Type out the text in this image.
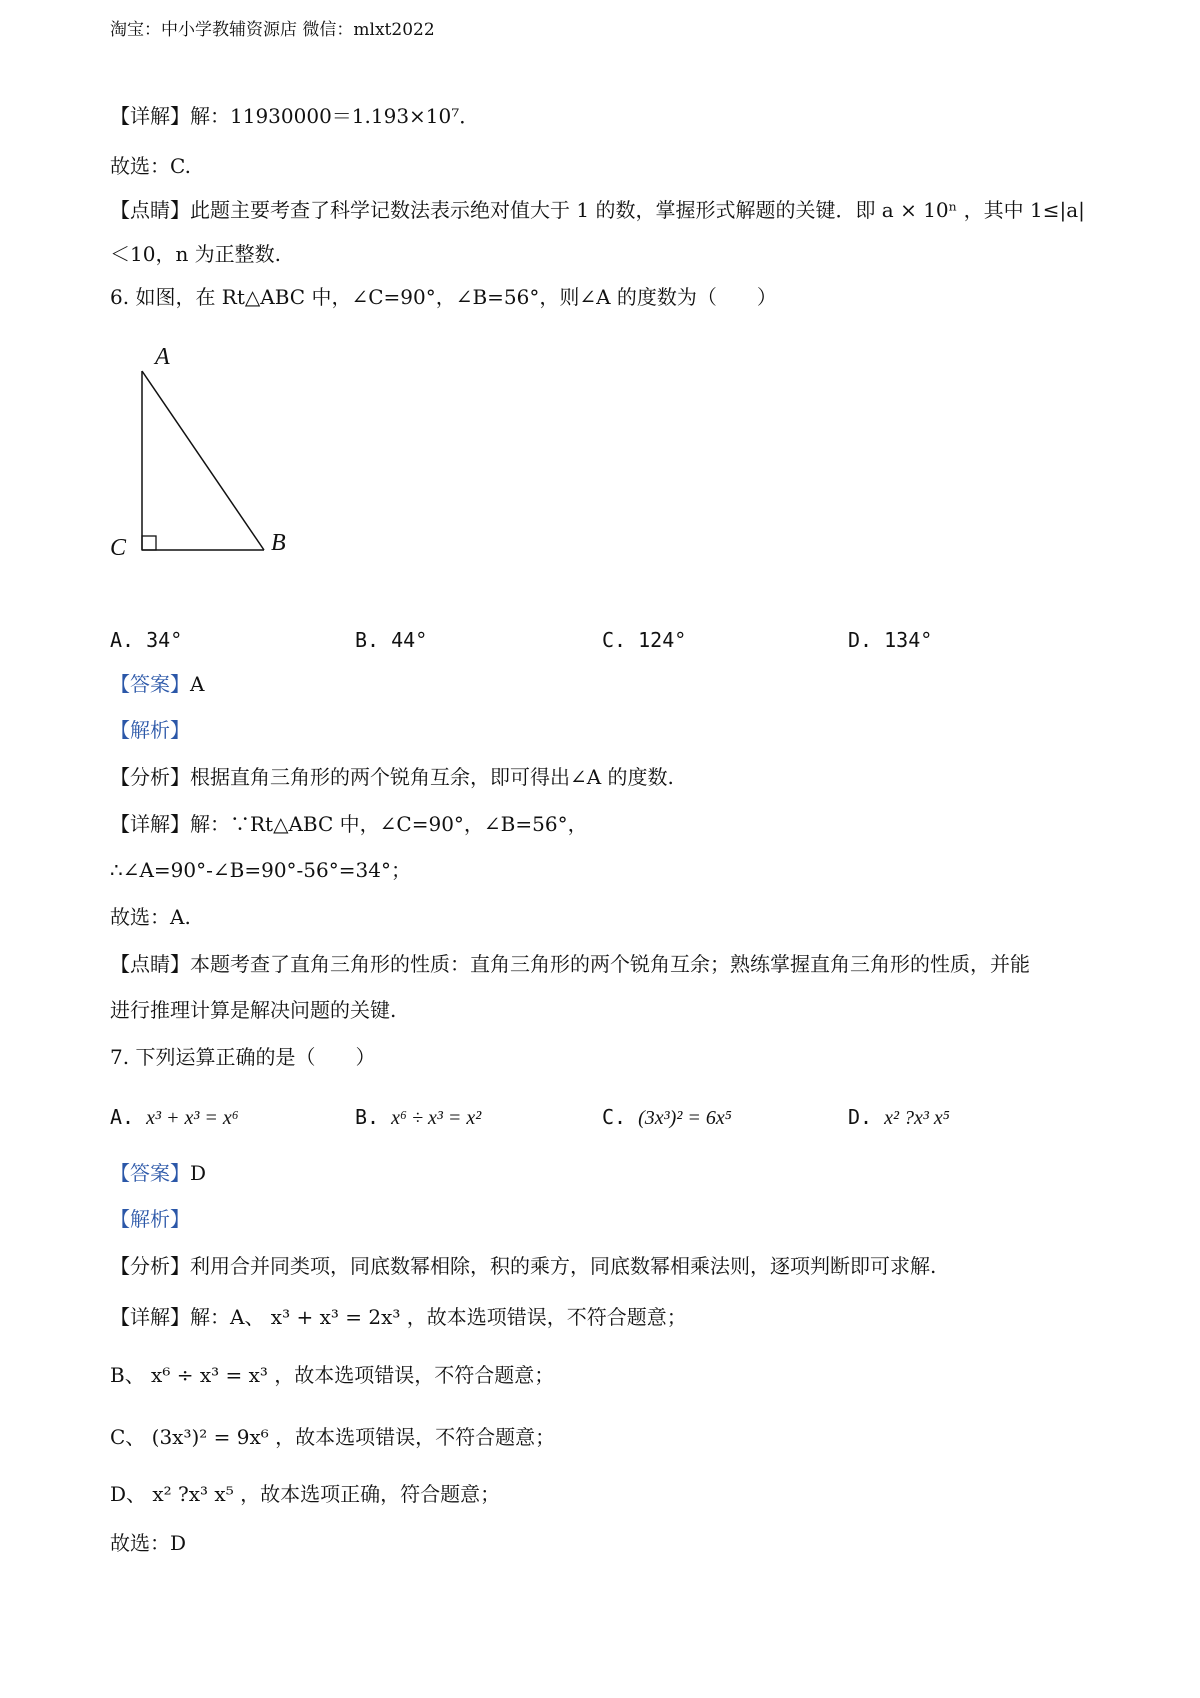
淘宝：中小学教辅资源店 微信：mlxt2022
【详解】解：11930000＝1.193×10⁷．
故选：C.
【点睛】此题主要考查了科学记数法表示绝对值大于 1 的数，掌握形式解题的关键．即 a × 10ⁿ ，其中 1≤|a|
＜10，n 为正整数.
6. 如图，在 Rt△ABC 中，∠C=90°，∠B=56°，则∠A 的度数为（　　）
A
B
C
A. 34°	B. 44°	C. 124°	D. 134°
【答案】A
【解析】
【分析】根据直角三角形的两个锐角互余，即可得出∠A 的度数.
【详解】解：∵Rt△ABC 中，∠C=90°，∠B=56°，
∴∠A=90°-∠B=90°-56°=34°；
故选：A.
【点睛】本题考查了直角三角形的性质：直角三角形的两个锐角互余；熟练掌握直角三角形的性质，并能
进行推理计算是解决问题的关键.
7. 下列运算正确的是（　　）
A. x³ + x³ = x⁶	B. x⁶ ÷ x³ = x²	C. (3x³)² = 6x⁵	D. x² ?x³ x⁵
【答案】D
【解析】
【分析】利用合并同类项，同底数幂相除，积的乘方，同底数幂相乘法则，逐项判断即可求解.
【详解】解：A、 x³ + x³ = 2x³ ，故本选项错误，不符合题意；
B、 x⁶ ÷ x³ = x³ ，故本选项错误，不符合题意；
C、 (3x³)² = 9x⁶ ，故本选项错误，不符合题意；
D、 x² ?x³ x⁵ ，故本选项正确，符合题意；
故选：D
